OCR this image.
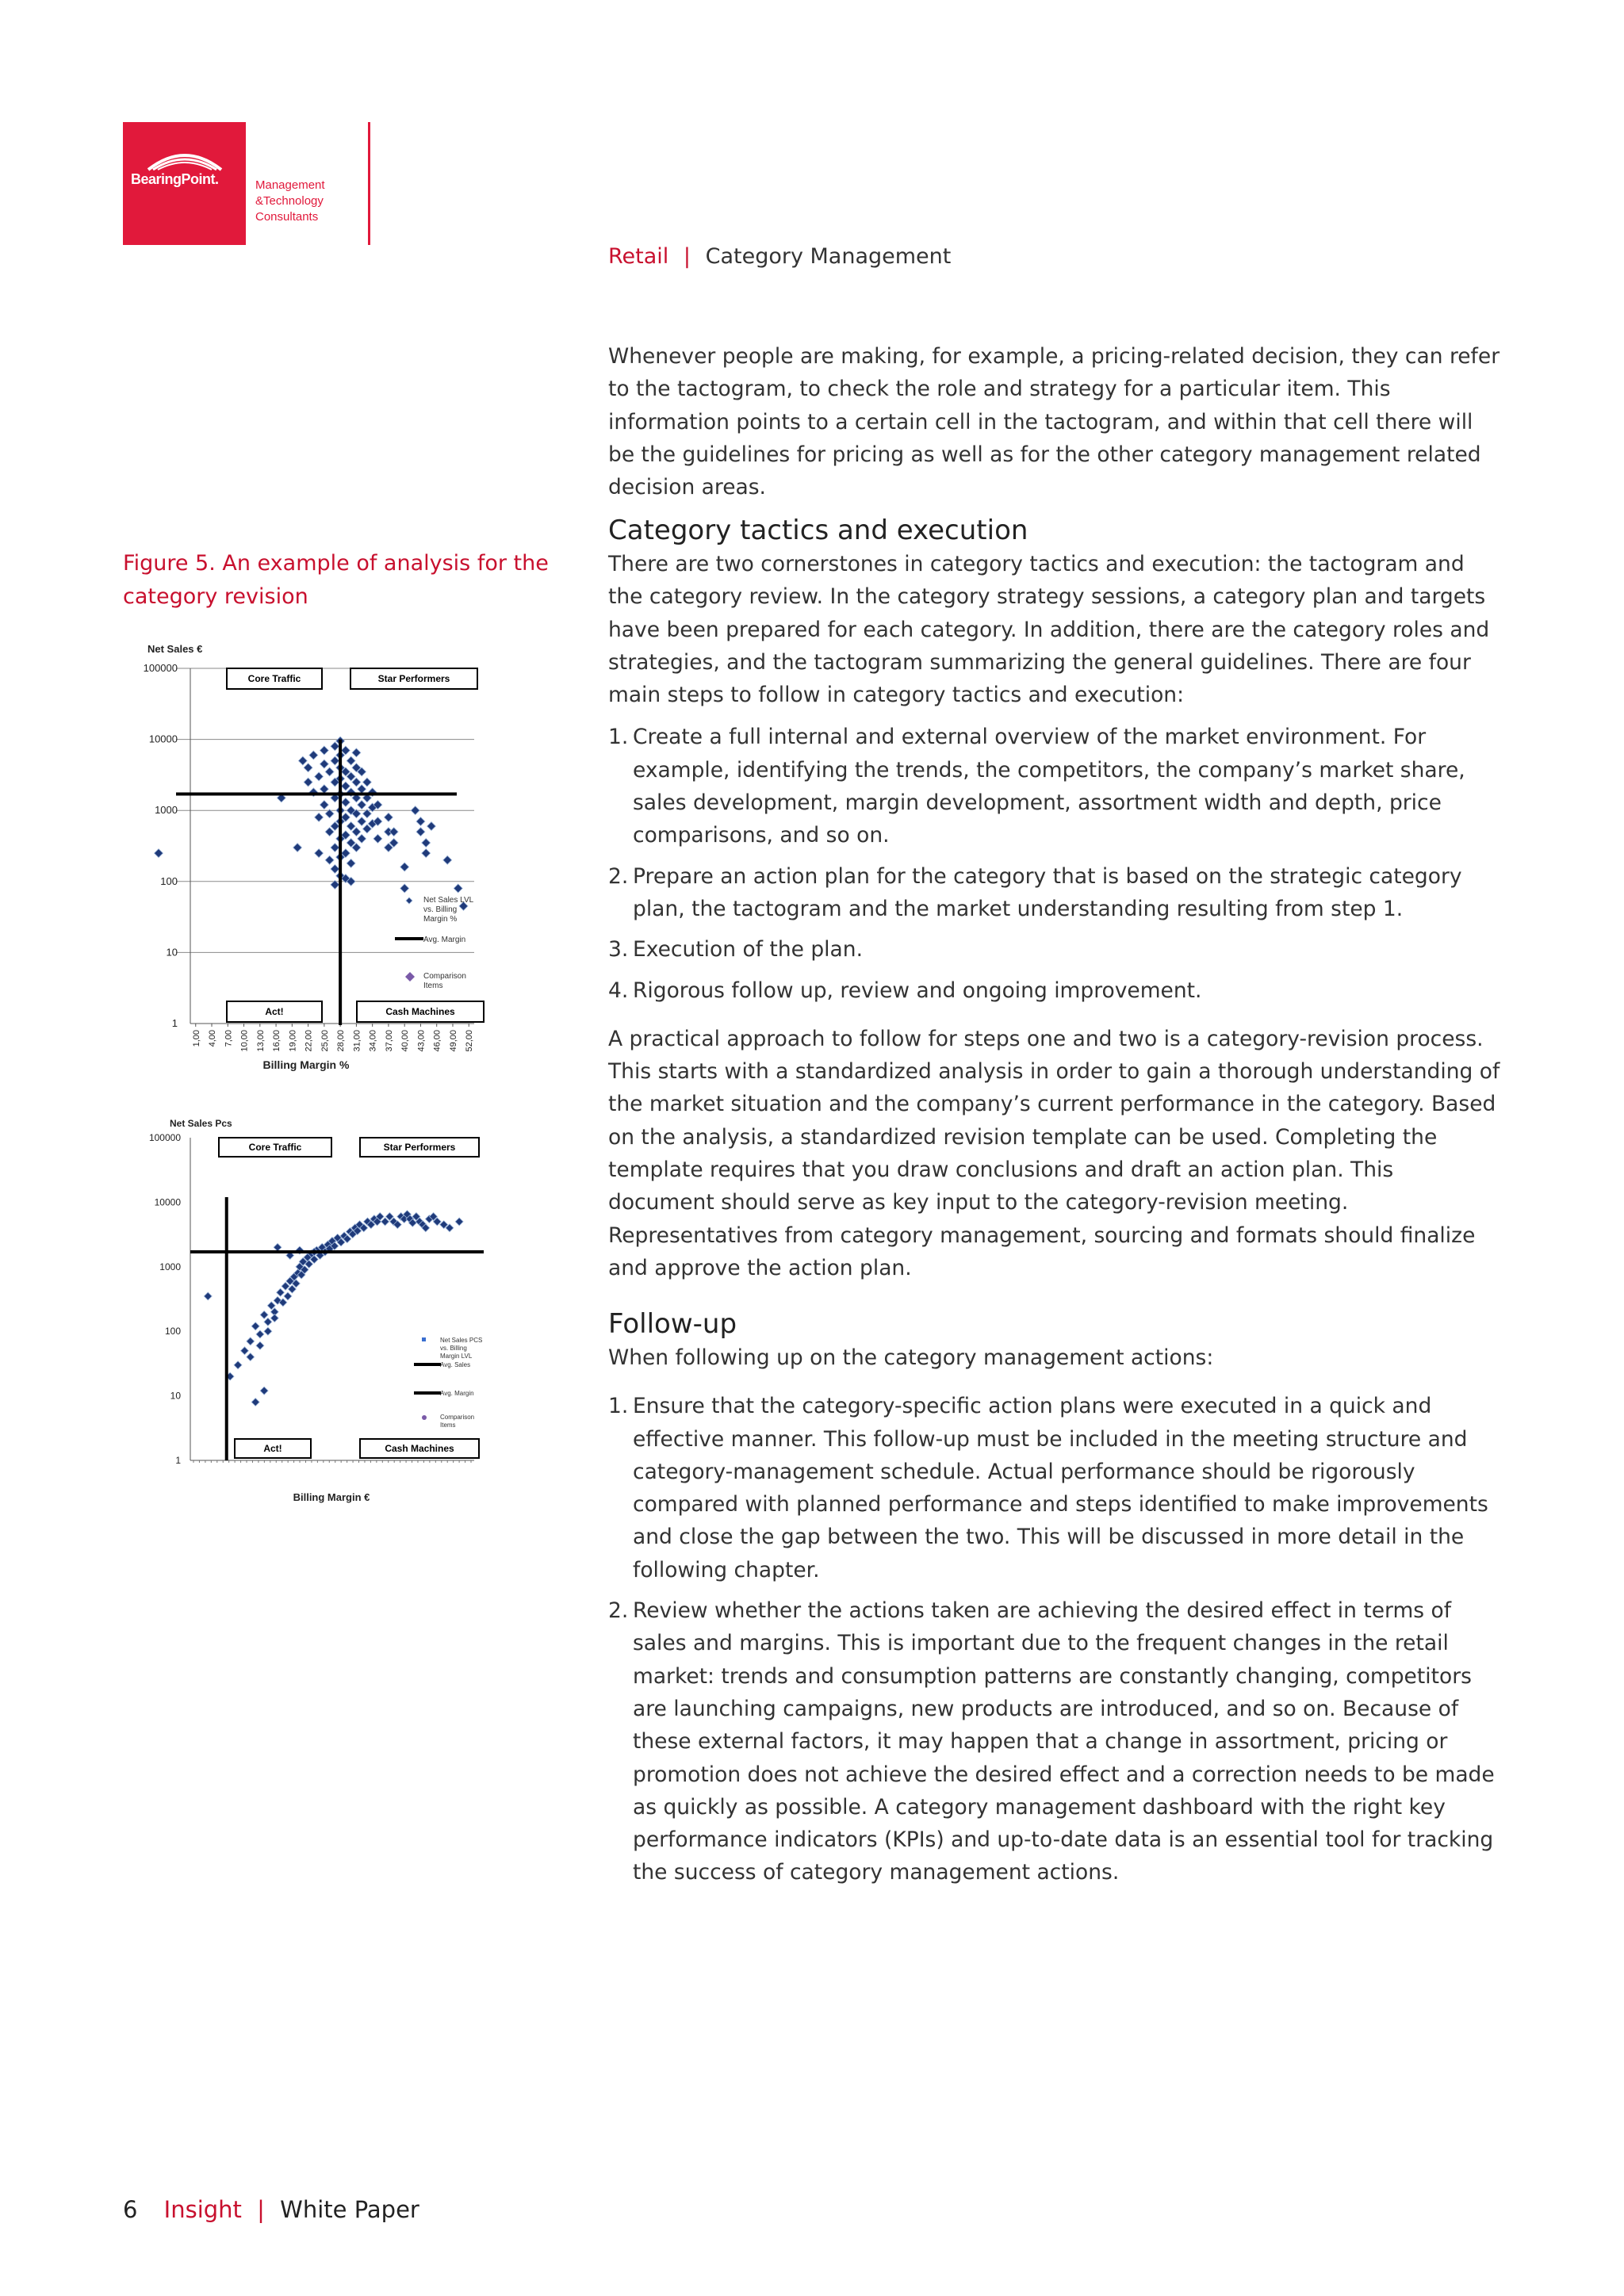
BearingPoint.	Management
&Technology
Consultants
Retail | Category Management

Whenever people are making, for example, a pricing-related decision, they can refer to the tactogram, to check the role and strategy for a particular item. This information points to a certain cell in the tactogram, and within that cell there will be the guidelines for pricing as well as for the other category management related decision areas.

Category tactics and execution

There are two cornerstones in category tactics and execution: the tactogram and the category review. In the category strategy sessions, a category plan and targets have been prepared for each category. In addition, there are the category roles and strategies, and the tactogram summarizing the general guidelines. There are four main steps to follow in category tactics and execution:

1. Create a full internal and external overview of the market environment. For example, identifying the trends, the competitors, the company’s market share, sales development, margin development, assortment width and depth, price comparisons, and so on.
2. Prepare an action plan for the category that is based on the strategic category plan, the tactogram and the market understanding resulting from step 1.
3. Execution of the plan.
4. Rigorous follow up, review and ongoing improvement.

A practical approach to follow for steps one and two is a category-revision process. This starts with a standardized analysis in order to gain a thorough understanding of the market situation and the company’s current performance in the category. Based on the analysis, a standardized revision template can be used. Completing the template requires that you draw conclusions and draft an action plan. This document should serve as key input to the category-revision meeting. Representatives from category management, sourcing and formats should finalize and approve the action plan.

Follow-up

When following up on the category management actions:

1. Ensure that the category-specific action plans were executed in a quick and effective manner. This follow-up must be included in the meeting structure and category-management schedule. Actual performance should be rigorously compared with planned performance and steps identified to make improvements and close the gap between the two. This will be discussed in more detail in the following chapter.
2. Review whether the actions taken are achieving the desired effect in terms of sales and margins. This is important due to the frequent changes in the retail market: trends and consumption patterns are constantly changing, competitors are launching campaigns, new products are introduced, and so on. Because of these external factors, it may happen that a change in assortment, pricing or promotion does not achieve the desired effect and a correction needs to be made as quickly as possible. A category management dashboard with the right key performance indicators (KPIs) and up-to-date data is an essential tool for tracking the success of category management actions.
Figure 5. An example of analysis for the category revision
Net Sales €
100000
10000
1000
100
10
1
1,00 4,00 7,00 10,00 13,00 16,00 19,00 22,00 25,00 28,00 31,00 34,00 37,00 40,00 43,00 46,00 49,00 52,00
Core Traffic	Star Performers
Act!	Cash Machines
Net Sales LVL vs. Billing Margin %
Avg. Margin
Comparison Items
Billing Margin %
Net Sales Pcs
100000
10000
1000
100
10
1
Core Traffic	Star Performers
Act!	Cash Machines
Net Sales PCS vs. Billing Margin LVL
Avg. Sales
Avg. Margin
Comparison Items
Billing Margin €
6 Insight | White Paper
